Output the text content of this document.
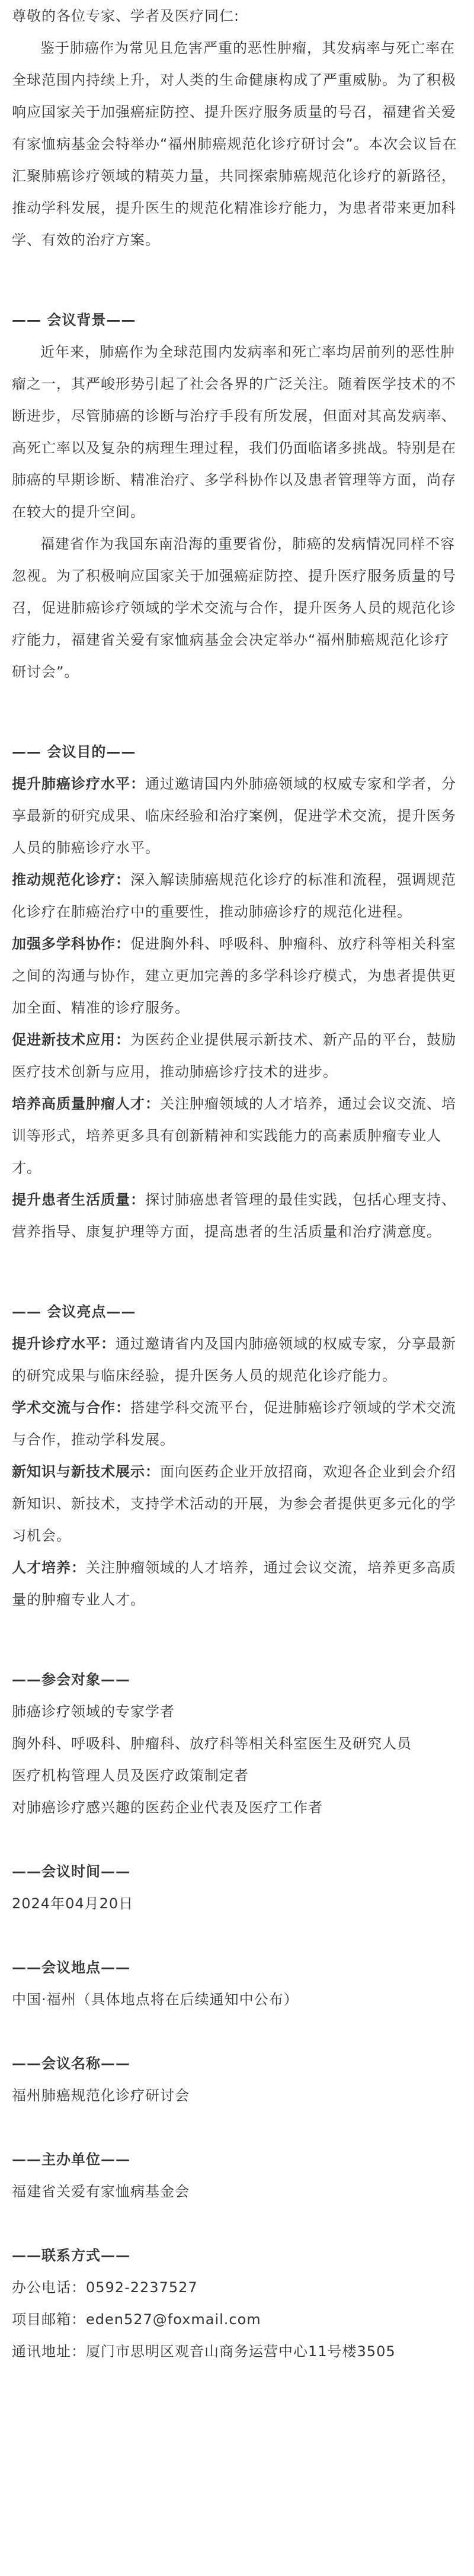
尊敬的各位专家、学者及医疗同仁:

鉴于肺癌作为常见且危害严重的恶性肿瘤，其发病率与死亡率在全球范围内持续上升，对人类的生命健康构成了严重威胁。为了积极响应国家关于加强癌症防控、提升医疗服务质量的号召，福建省关爱有家恤病基金会特举办“福州肺癌规范化诊疗研讨会”。本次会议旨在汇聚肺癌诊疗领域的精英力量，共同探索肺癌规范化诊疗的新路径，推动学科发展，提升医生的规范化精准诊疗能力，为患者带来更加科学、有效的治疗方案。

—— 会议背景——

近年来，肺癌作为全球范围内发病率和死亡率均居前列的恶性肿瘤之一，其严峻形势引起了社会各界的广泛关注。随着医学技术的不断进步，尽管肺癌的诊断与治疗手段有所发展，但面对其高发病率、高死亡率以及复杂的病理生理过程，我们仍面临诸多挑战。特别是在肺癌的早期诊断、精准治疗、多学科协作以及患者管理等方面，尚存在较大的提升空间。

福建省作为我国东南沿海的重要省份，肺癌的发病情况同样不容忽视。为了积极响应国家关于加强癌症防控、提升医疗服务质量的号召，促进肺癌诊疗领域的学术交流与合作，提升医务人员的规范化诊疗能力，福建省关爱有家恤病基金会决定举办“福州肺癌规范化诊疗研讨会”。

—— 会议目的——

提升肺癌诊疗水平：通过邀请国内外肺癌领域的权威专家和学者，分享最新的研究成果、临床经验和治疗案例，促进学术交流，提升医务人员的肺癌诊疗水平。

推动规范化诊疗：深入解读肺癌规范化诊疗的标准和流程，强调规范化诊疗在肺癌治疗中的重要性，推动肺癌诊疗的规范化进程。

加强多学科协作：促进胸外科、呼吸科、肿瘤科、放疗科等相关科室之间的沟通与协作，建立更加完善的多学科诊疗模式，为患者提供更加全面、精准的诊疗服务。

促进新技术应用：为医药企业提供展示新技术、新产品的平台，鼓励医疗技术创新与应用，推动肺癌诊疗技术的进步。

培养高质量肿瘤人才：关注肿瘤领域的人才培养，通过会议交流、培训等形式，培养更多具有创新精神和实践能力的高素质肿瘤专业人才。

提升患者生活质量：探讨肺癌患者管理的最佳实践，包括心理支持、营养指导、康复护理等方面，提高患者的生活质量和治疗满意度。

—— 会议亮点——

提升诊疗水平：通过邀请省内及国内肺癌领域的权威专家，分享最新的研究成果与临床经验，提升医务人员的规范化诊疗能力。

学术交流与合作：搭建学科交流平台，促进肺癌诊疗领域的学术交流与合作，推动学科发展。

新知识与新技术展示：面向医药企业开放招商，欢迎各企业到会介绍新知识、新技术，支持学术活动的开展，为参会者提供更多元化的学习机会。

人才培养：关注肿瘤领域的人才培养，通过会议交流，培养更多高质量的肿瘤专业人才。

——参会对象——

肺癌诊疗领域的专家学者

胸外科、呼吸科、肿瘤科、放疗科等相关科室医生及研究人员

医疗机构管理人员及医疗政策制定者

对肺癌诊疗感兴趣的医药企业代表及医疗工作者

——会议时间——

2024年04月20日

——会议地点——

中国·福州（具体地点将在后续通知中公布）

——会议名称——

福州肺癌规范化诊疗研讨会

——主办单位——

福建省关爱有家恤病基金会

——联系方式——

办公电话：0592-2237527

项目邮箱：eden527@foxmail.com

通讯地址：厦门市思明区观音山商务运营中心11号楼3505
